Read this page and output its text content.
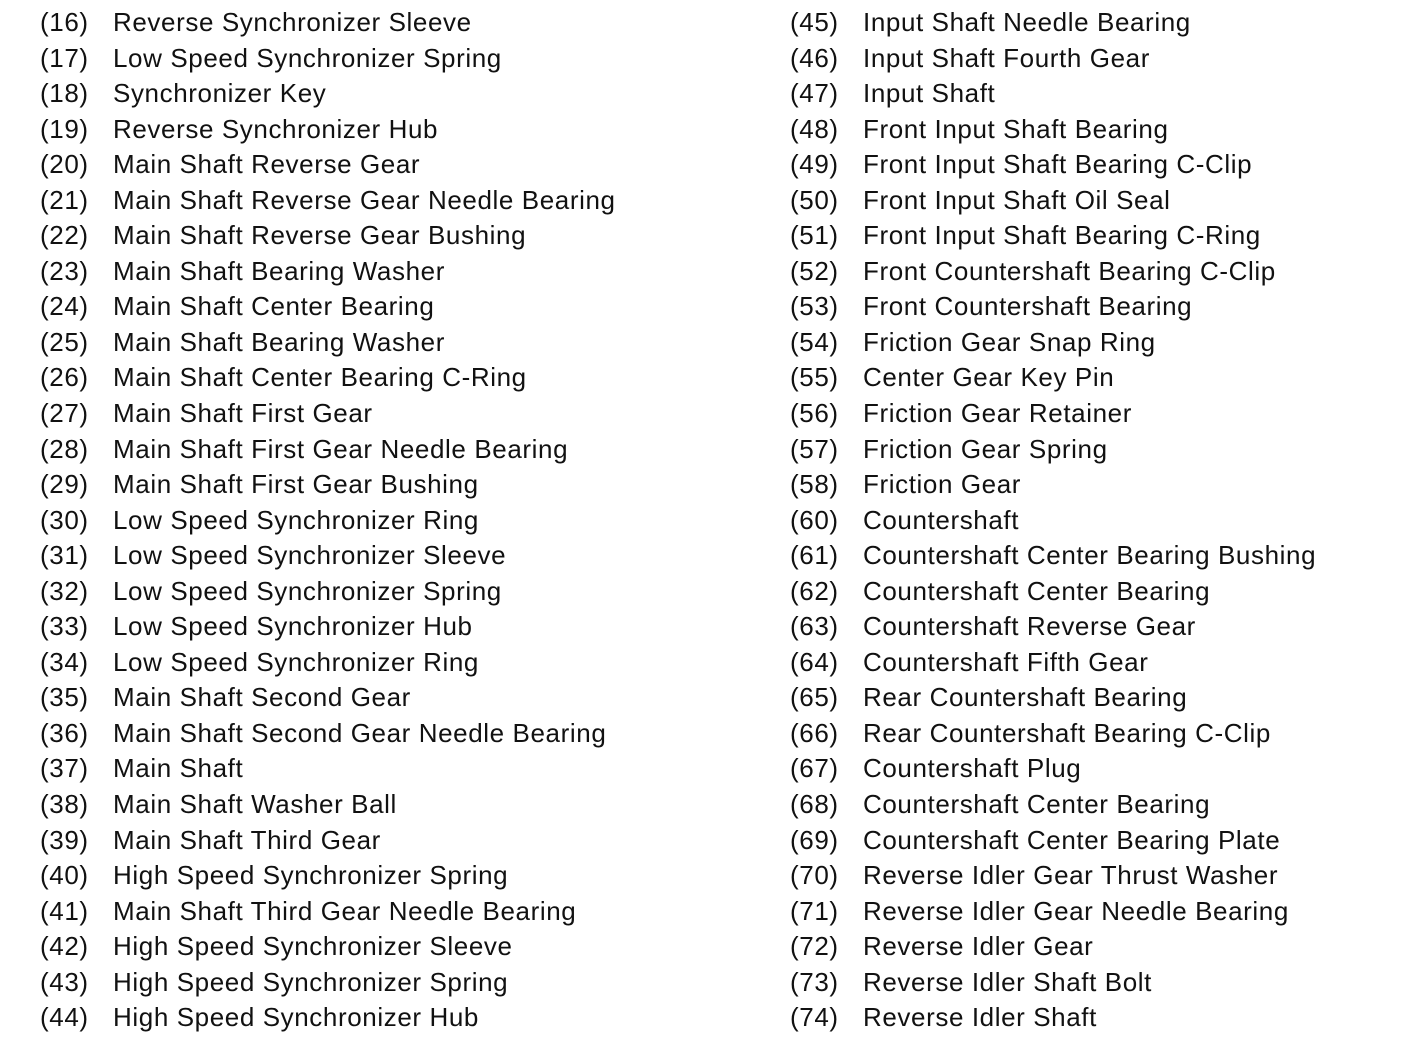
(16) Reverse Synchronizer Sleeve
(17) Low Speed Synchronizer Spring
(18) Synchronizer Key
(19) Reverse Synchronizer Hub
(20) Main Shaft Reverse Gear
(21) Main Shaft Reverse Gear Needle Bearing
(22) Main Shaft Reverse Gear Bushing
(23) Main Shaft Bearing Washer
(24) Main Shaft Center Bearing
(25) Main Shaft Bearing Washer
(26) Main Shaft Center Bearing C-Ring
(27) Main Shaft First Gear
(28) Main Shaft First Gear Needle Bearing
(29) Main Shaft First Gear Bushing
(30) Low Speed Synchronizer Ring
(31) Low Speed Synchronizer Sleeve
(32) Low Speed Synchronizer Spring
(33) Low Speed Synchronizer Hub
(34) Low Speed Synchronizer Ring
(35) Main Shaft Second Gear
(36) Main Shaft Second Gear Needle Bearing
(37) Main Shaft
(38) Main Shaft Washer Ball
(39) Main Shaft Third Gear
(40) High Speed Synchronizer Spring
(41) Main Shaft Third Gear Needle Bearing
(42) High Speed Synchronizer Sleeve
(43) High Speed Synchronizer Spring
(44) High Speed Synchronizer Hub
(45) Input Shaft Needle Bearing
(46) Input Shaft Fourth Gear
(47) Input Shaft
(48) Front Input Shaft Bearing
(49) Front Input Shaft Bearing C-Clip
(50) Front Input Shaft Oil Seal
(51) Front Input Shaft Bearing C-Ring
(52) Front Countershaft Bearing C-Clip
(53) Front Countershaft Bearing
(54) Friction Gear Snap Ring
(55) Center Gear Key Pin
(56) Friction Gear Retainer
(57) Friction Gear Spring
(58) Friction Gear
(60) Countershaft
(61) Countershaft Center Bearing Bushing
(62) Countershaft Center Bearing
(63) Countershaft Reverse Gear
(64) Countershaft Fifth Gear
(65) Rear Countershaft Bearing
(66) Rear Countershaft Bearing C-Clip
(67) Countershaft Plug
(68) Countershaft Center Bearing
(69) Countershaft Center Bearing Plate
(70) Reverse Idler Gear Thrust Washer
(71) Reverse Idler Gear Needle Bearing
(72) Reverse Idler Gear
(73) Reverse Idler Shaft Bolt
(74) Reverse Idler Shaft
